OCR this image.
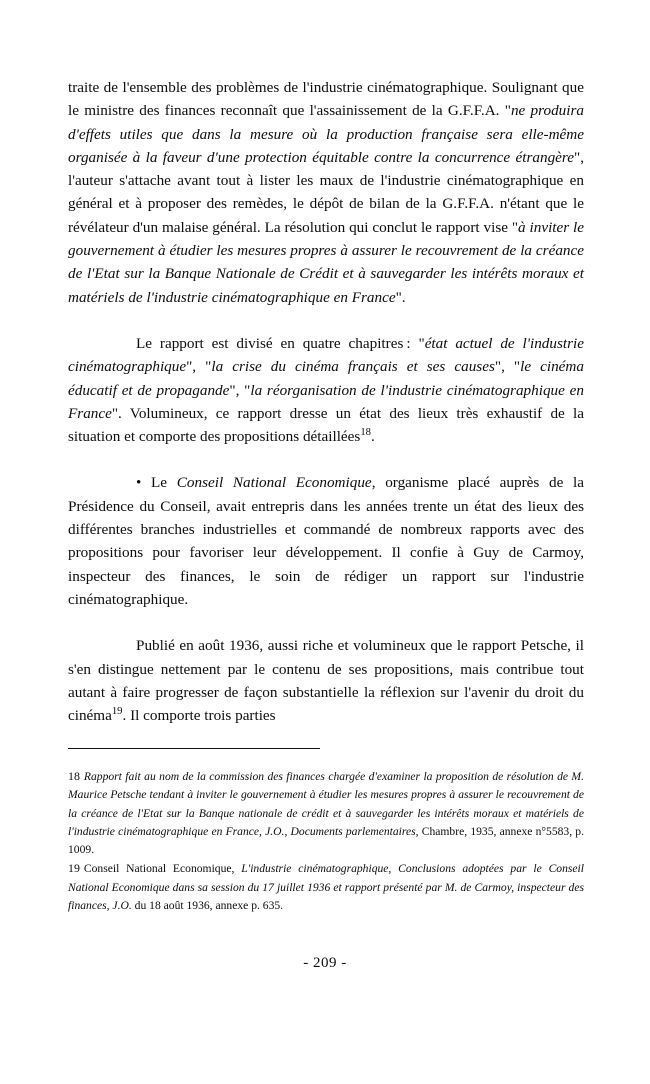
traite de l'ensemble des problèmes de l'industrie cinématographique. Soulignant que le ministre des finances reconnaît que l'assainissement de la G.F.F.A. "ne produira d'effets utiles que dans la mesure où la production française sera elle-même organisée à la faveur d'une protection équitable contre la concurrence étrangère", l'auteur s'attache avant tout à lister les maux de l'industrie cinématographique en général et à proposer des remèdes, le dépôt de bilan de la G.F.F.A. n'étant que le révélateur d'un malaise général. La résolution qui conclut le rapport vise "à inviter le gouvernement à étudier les mesures propres à assurer le recouvrement de la créance de l'Etat sur la Banque Nationale de Crédit et à sauvegarder les intérêts moraux et matériels de l'industrie cinématographique en France".

Le rapport est divisé en quatre chapitres : "état actuel de l'industrie cinématographique", "la crise du cinéma français et ses causes", "le cinéma éducatif et de propagande", "la réorganisation de l'industrie cinématographique en France". Volumineux, ce rapport dresse un état des lieux très exhaustif de la situation et comporte des propositions détaillées$^{18}$.

• Le Conseil National Economique, organisme placé auprès de la Présidence du Conseil, avait entrepris dans les années trente un état des lieux des différentes branches industrielles et commandé de nombreux rapports avec des propositions pour favoriser leur développement. Il confie à Guy de Carmoy, inspecteur des finances, le soin de rédiger un rapport sur l'industrie cinématographique.

Publié en août 1936, aussi riche et volumineux que le rapport Petsche, il s'en distingue nettement par le contenu de ses propositions, mais contribue tout autant à faire progresser de façon substantielle la réflexion sur l'avenir du droit du cinéma$^{19}$. Il comporte trois parties

18 Rapport fait au nom de la commission des finances chargée d'examiner la proposition de résolution de M. Maurice Petsche tendant à inviter le gouvernement à étudier les mesures propres à assurer le recouvrement de la créance de l'Etat sur la Banque nationale de crédit et à sauvegarder les intérêts moraux et matériels de l'industrie cinématographique en France, J.O., Documents parlementaires, Chambre, 1935, annexe n°5583, p. 1009.

19 Conseil National Economique, L'industrie cinématographique, Conclusions adoptées par le Conseil National Economique dans sa session du 17 juillet 1936 et rapport présenté par M. de Carmoy, inspecteur des finances, J.O. du 18 août 1936, annexe p. 635.

- 209 -
